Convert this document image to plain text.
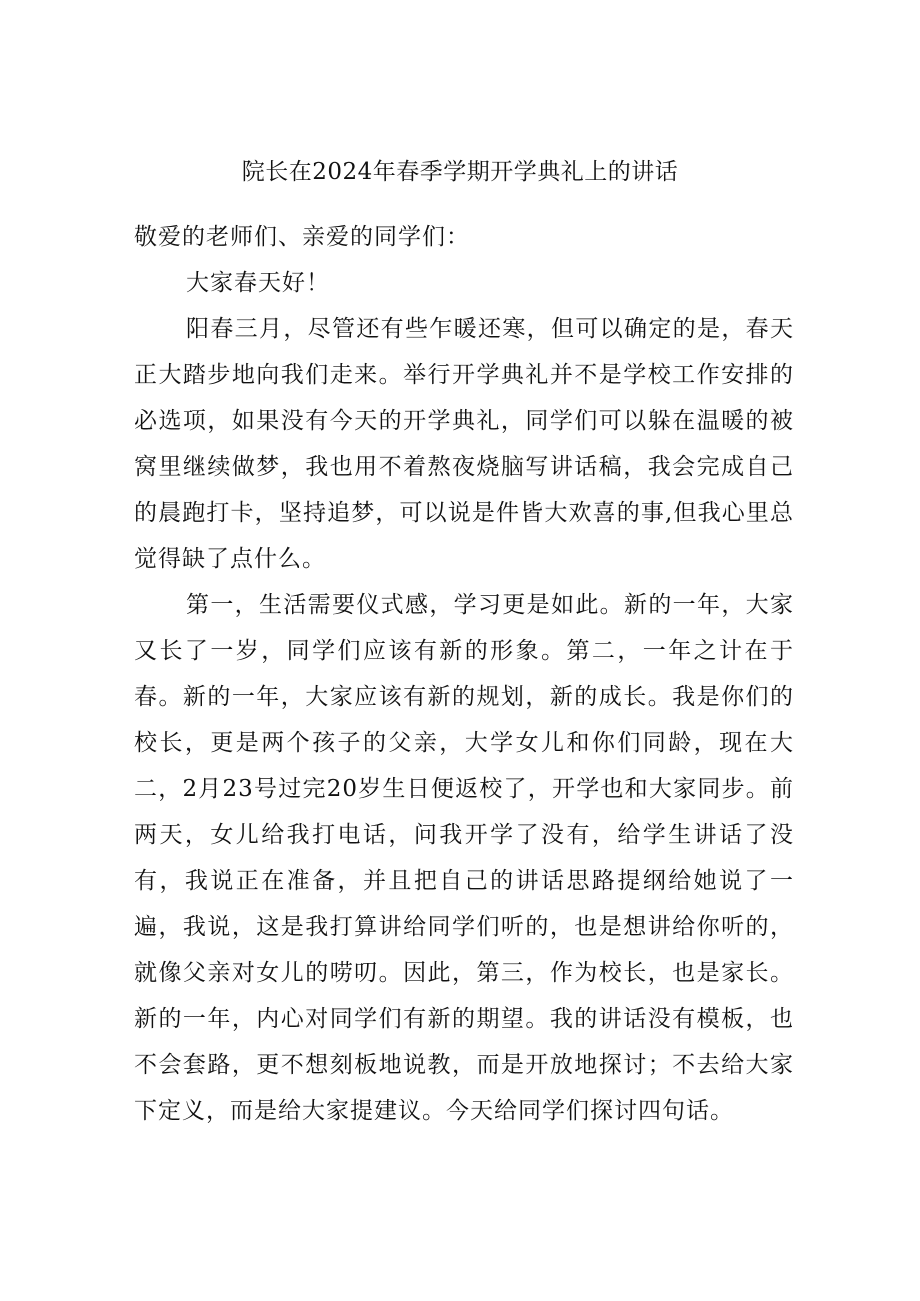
院长在2024年春季学期开学典礼上的讲话

敬爱的老师们、亲爱的同学们：

大家春天好！

阳春三月，尽管还有些乍暖还寒，但可以确定的是，春天正大踏步地向我们走来。举行开学典礼并不是学校工作安排的必选项，如果没有今天的开学典礼，同学们可以躲在温暖的被窝里继续做梦，我也用不着熬夜烧脑写讲话稿，我会完成自己的晨跑打卡，坚持追梦，可以说是件皆大欢喜的事,但我心里总觉得缺了点什么。

第一，生活需要仪式感，学习更是如此。新的一年，大家又长了一岁，同学们应该有新的形象。第二，一年之计在于春。新的一年，大家应该有新的规划，新的成长。我是你们的校长，更是两个孩子的父亲，大学女儿和你们同龄，现在大二，2月23号过完20岁生日便返校了，开学也和大家同步。前两天，女儿给我打电话，问我开学了没有，给学生讲话了没有，我说正在准备，并且把自己的讲话思路提纲给她说了一遍，我说，这是我打算讲给同学们听的，也是想讲给你听的，就像父亲对女儿的唠叨。因此，第三，作为校长，也是家长。新的一年，内心对同学们有新的期望。我的讲话没有模板，也不会套路，更不想刻板地说教，而是开放地探讨；不去给大家下定义，而是给大家提建议。今天给同学们探讨四句话。
